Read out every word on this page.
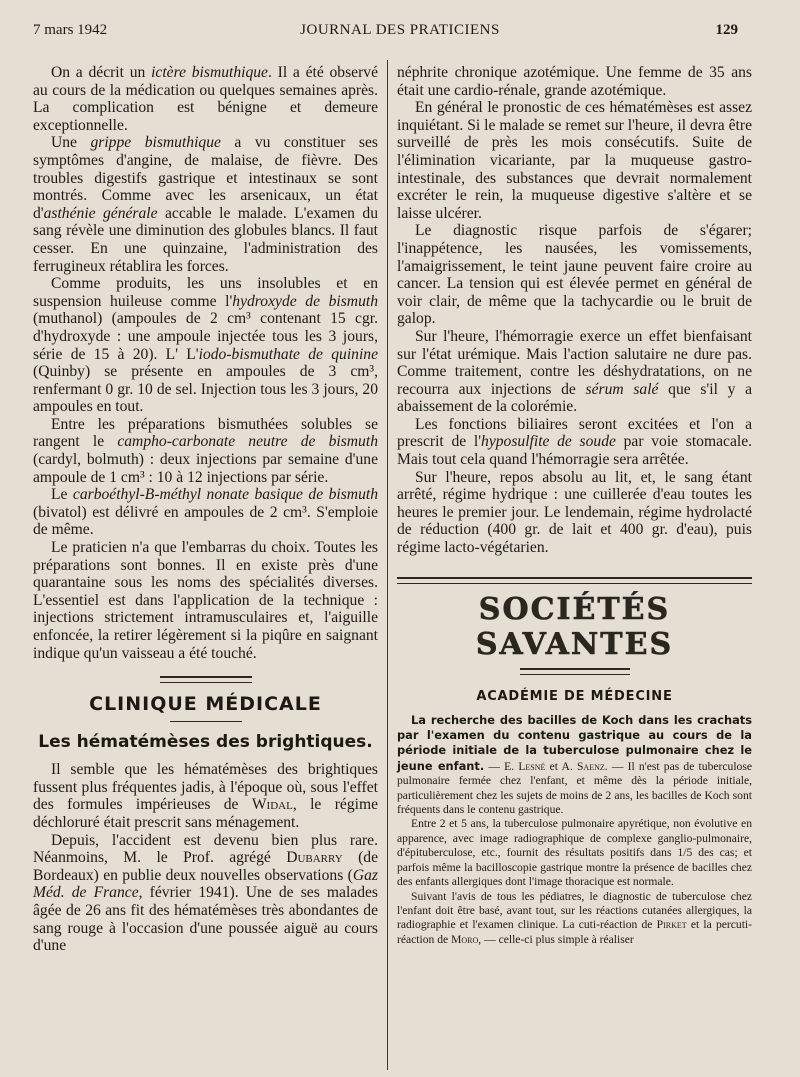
7 mars 1942	JOURNAL DES PRATICIENS	129

On a décrit un ictère bismuthique. Il a été observé au cours de la médication ou quelques semaines après. La complication est bénigne et demeure exceptionnelle.

Une grippe bismuthique a vu constituer ses symptômes d'angine, de malaise, de fièvre. Des troubles digestifs gastrique et intestinaux se sont montrés. Comme avec les arsenicaux, un état d'asthénie générale accable le malade. L'examen du sang révèle une diminution des globules blancs. Il faut cesser. En une quinzaine, l'administration des ferrugineux rétablira les forces.

Comme produits, les uns insolubles et en suspension huileuse comme l'hydroxyde de bismuth (muthanol) (ampoules de 2 cm³ contenant 15 cgr. d'hydroxyde : une ampoule injectée tous les 3 jours, série de 15 à 20). L' L'iodo-bismuthate de quinine (Quinby) se présente en ampoules de 3 cm³, renfermant 0 gr. 10 de sel. Injection tous les 3 jours, 20 ampoules en tout.

Entre les préparations bismuthées solubles se rangent le campho-carbonate neutre de bismuth (cardyl, bolmuth) : deux injections par semaine d'une ampoule de 1 cm³ : 10 à 12 injections par série.

Le carboéthyl-B-méthyl nonate basique de bismuth (bivatol) est délivré en ampoules de 2 cm³. S'emploie de même.

Le praticien n'a que l'embarras du choix. Toutes les préparations sont bonnes. Il en existe près d'une quarantaine sous les noms des spécialités diverses. L'essentiel est dans l'application de la technique : injections strictement intramusculaires et, l'aiguille enfoncée, la retirer légèrement si la piqûre en saignant indique qu'un vaisseau a été touché.

CLINIQUE MÉDICALE
Les hématémèses des brightiques.

Il semble que les hématémèses des brightiques fussent plus fréquentes jadis, à l'époque où, sous l'effet des formules impérieuses de Widal, le régime déchloruré était prescrit sans ménagement.

Depuis, l'accident est devenu bien plus rare. Néanmoins, M. le Prof. agrégé Dubarry (de Bordeaux) en publie deux nouvelles observations (Gaz Méd. de France, février 1941). Une de ses malades âgée de 26 ans fit des hématémèses très abondantes de sang rouge à l'occasion d'une poussée aiguë au cours d'une

néphrite chronique azotémique. Une femme de 35 ans était une cardio-rénale, grande azotémique.

En général le pronostic de ces hématémèses est assez inquiétant. Si le malade se remet sur l'heure, il devra être surveillé de près les mois consécutifs. Suite de l'élimination vicariante, par la muqueuse gastro-intestinale, des substances que devrait normalement excréter le rein, la muqueuse digestive s'altère et se laisse ulcérer.

Le diagnostic risque parfois de s'égarer; l'inappétence, les nausées, les vomissements, l'amaigrissement, le teint jaune peuvent faire croire au cancer. La tension qui est élevée permet en général de voir clair, de même que la tachycardie ou le bruit de galop.

Sur l'heure, l'hémorragie exerce un effet bienfaisant sur l'état urémique. Mais l'action salutaire ne dure pas. Comme traitement, contre les déshydratations, on ne recourra aux injections de sérum salé que s'il y a abaissement de la colorémie.

Les fonctions biliaires seront excitées et l'on a prescrit de l'hyposulfite de soude par voie stomacale. Mais tout cela quand l'hémorragie sera arrêtée.

Sur l'heure, repos absolu au lit, et, le sang étant arrêté, régime hydrique : une cuillerée d'eau toutes les heures le premier jour. Le lendemain, régime hydrolacté de réduction (400 gr. de lait et 400 gr. d'eau), puis régime lacto-végétarien.

SOCIÉTÉS SAVANTES
ACADÉMIE DE MÉDECINE

La recherche des bacilles de Koch dans les crachats par l'examen du contenu gastrique au cours de la période initiale de la tuberculose pulmonaire chez le jeune enfant. — E. Lesné et A. Saenz. — Il n'est pas de tuberculose pulmonaire fermée chez l'enfant, et même dès la période initiale, particulièrement chez les sujets de moins de 2 ans, les bacilles de Koch sont fréquents dans le contenu gastrique.

Entre 2 et 5 ans, la tuberculose pulmonaire apyrétique, non évolutive en apparence, avec image radiographique de complexe ganglio-pulmonaire, d'épituberculose, etc., fournit des résultats positifs dans 1/5 des cas; et parfois même la bacilloscopie gastrique montre la présence de bacilles chez des enfants allergiques dont l'image thoracique est normale.

Suivant l'avis de tous les pédiatres, le diagnostic de tuberculose chez l'enfant doit être basé, avant tout, sur les réactions cutanées allergiques, la radiographie et l'examen clinique. La cuti-réaction de Pirket et la percuti-réaction de Moro, — celle-ci plus simple à réaliser
